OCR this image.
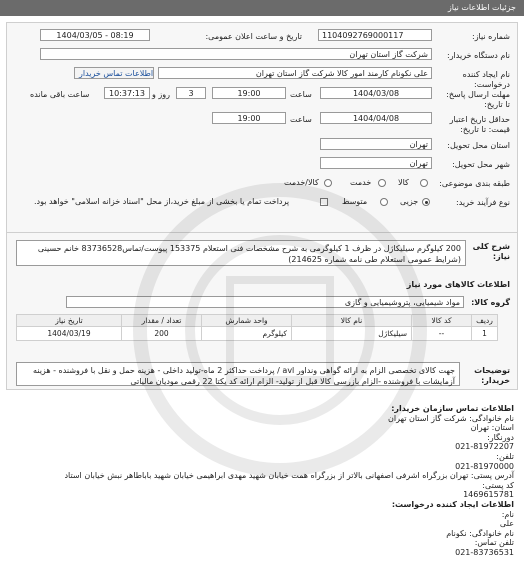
جزئیات اطلاعات نیاز
شماره نیاز:
1104092769000117
تاریخ و ساعت اعلان عمومی:
1404/03/05 - 08:19
نام دستگاه خریدار:
شرکت گاز استان تهران
نام ایجاد کننده
درخواست:
علی نکونام کارمند امور کالا شرکت گاز استان تهران
اطلاعات تماس خریدار
مهلت ارسال پاسخ:
تا تاریخ:
1404/03/08
ساعت
19:00
3
روز و
10:37:13
ساعت باقی مانده
حداقل تاریخ اعتبار
قیمت: تا تاریخ:
1404/04/08
ساعت
19:00
استان محل تحویل:
تهران
شهر محل تحویل:
تهران
طبقه بندی موضوعی:
کالا
خدمت
کالا/خدمت
نوع فرآیند خرید:
جزیی
متوسط
پرداخت تمام یا بخشی از مبلغ خرید،از محل "اسناد خزانه اسلامی" خواهد بود.
شرح کلی
نیاز:
200 کیلوگرم سیلیکاژل در ظرف 1 کیلوگرمی به شرح مشخصات فنی استعلام 153375 پیوست/تماس83736528 خانم حسینی (شرایط عمومی استعلام طی نامه شماره 214625)
اطلاعات کالاهای مورد نیاز
گروه کالا:
مواد شیمیایی، پتروشیمیایی و گازی
ردیف	کد کالا	نام کالا	واحد شمارش	تعداد / مقدار	تاریخ نیاز
1	--	سیلیکاژل	کیلوگرم	200	1404/03/19
توضیحات
خریدار:
جهت کالای تخصصی الزام به ارائه گواهی ونداور avl / پرداخت حداکثر 2 ماه-تولید داخلی - هزینه حمل و نقل با فروشنده - هزینه آزمایشات با فروشنده -الزام بازرسی کالا قبل از تولید- الزام ارائه کد یکتا 22 رقمی مودیان مالیاتی
اطلاعات تماس سازمان خریدار:
نام خانوادگی: شرکت گاز استان تهران
استان: تهران
دورنگار:
021-81972207
تلفن:
021-81970000
آدرس پستی: تهران بزرگراه اشرفی اصفهانی بالاتر از بزرگراه همت خیابان شهید مهدی ابراهیمی خیابان شهید باباطاهر نبش خیابان استاد
کد پستی:
1469615781
اطلاعات ایجاد کننده درخواست:
نام:
علی
نام خانوادگی: نکونام
تلفن تماس:
021-83736531
